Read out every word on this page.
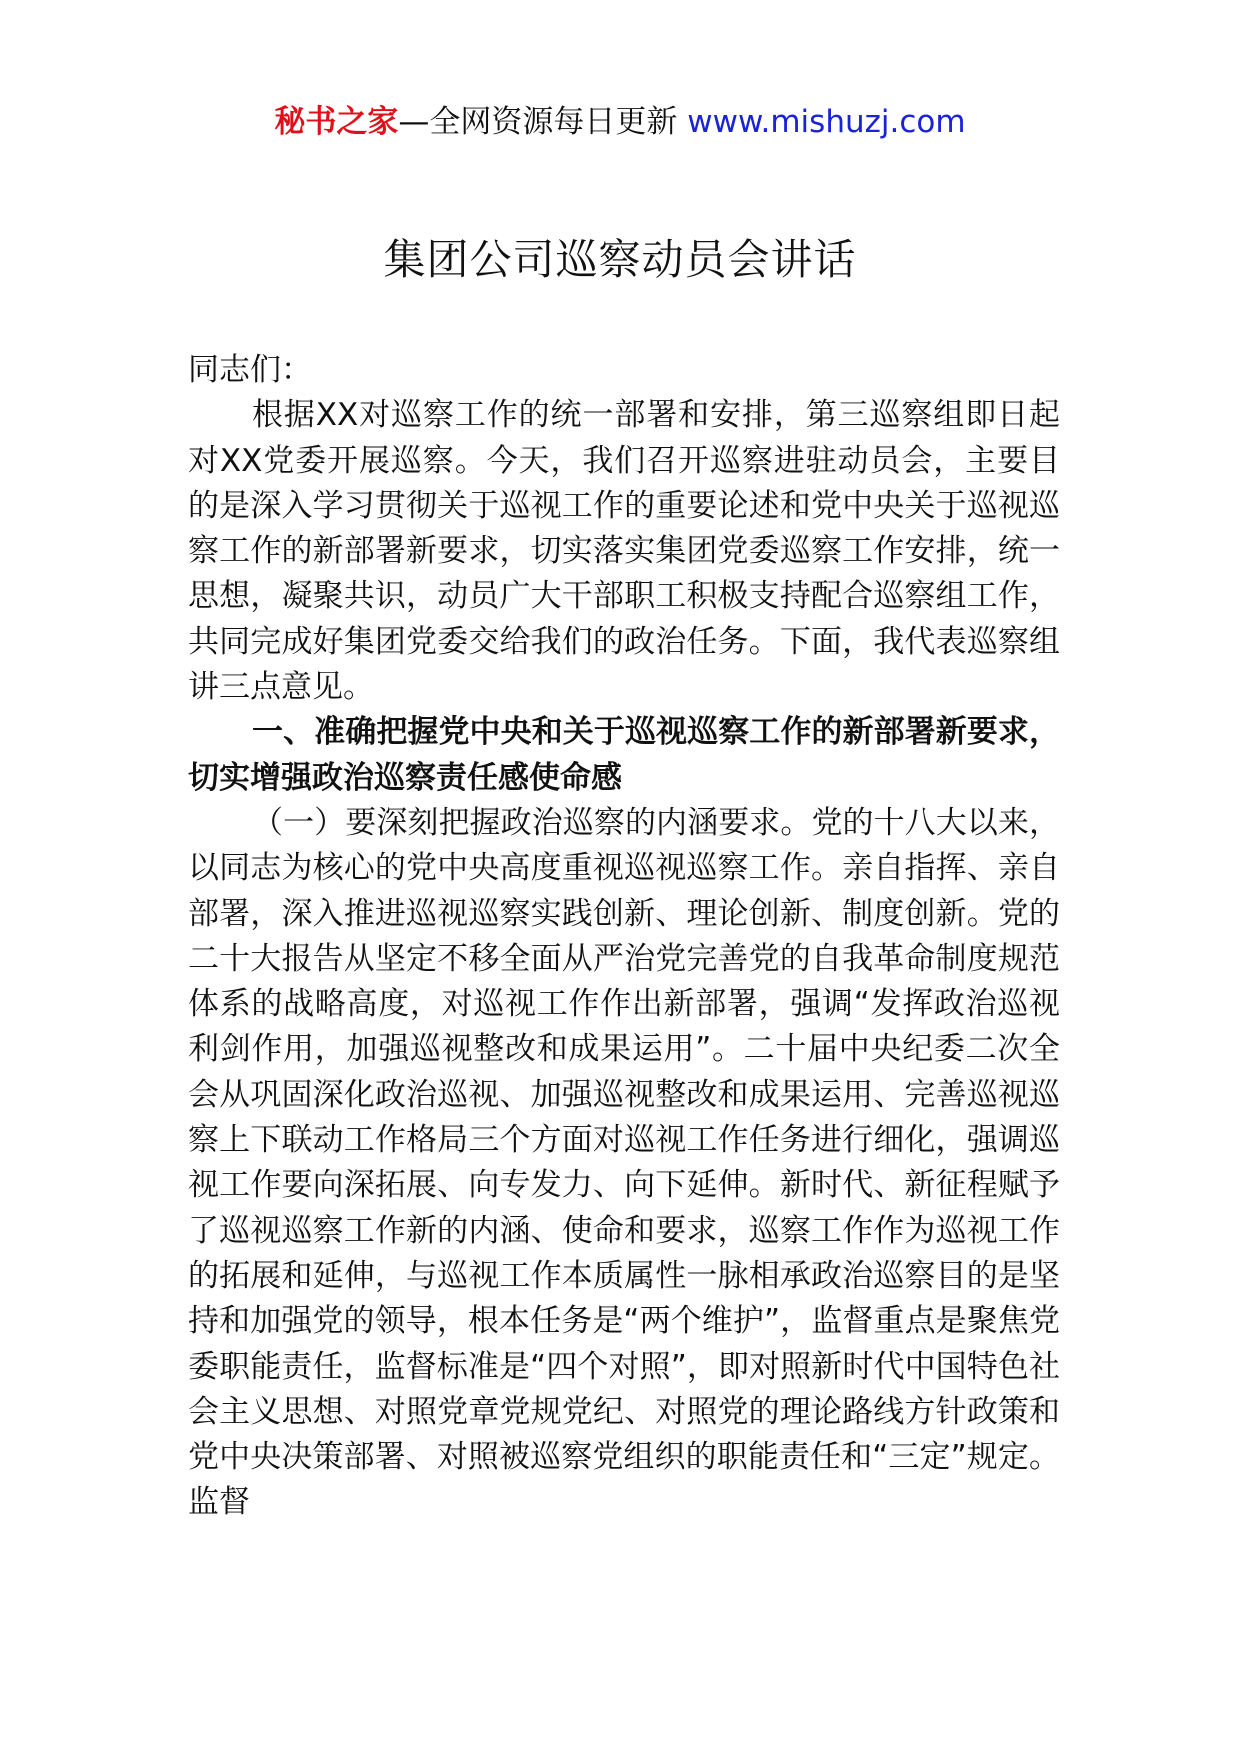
秘书之家—全网资源每日更新 www.mishuzj.com
集团公司巡察动员会讲话

同志们：

根据XX对巡察工作的统一部署和安排，第三巡察组即日起对XX党委开展巡察。今天，我们召开巡察进驻动员会，主要目的是深入学习贯彻关于巡视工作的重要论述和党中央关于巡视巡察工作的新部署新要求，切实落实集团党委巡察工作安排，统一思想，凝聚共识，动员广大干部职工积极支持配合巡察组工作，共同完成好集团党委交给我们的政治任务。下面，我代表巡察组讲三点意见。

一、准确把握党中央和关于巡视巡察工作的新部署新要求，切实增强政治巡察责任感使命感

（一）要深刻把握政治巡察的内涵要求。党的十八大以来，以同志为核心的党中央高度重视巡视巡察工作。亲自指挥、亲自部署，深入推进巡视巡察实践创新、理论创新、制度创新。党的二十大报告从坚定不移全面从严治党完善党的自我革命制度规范体系的战略高度，对巡视工作作出新部署，强调“发挥政治巡视利剑作用，加强巡视整改和成果运用”。二十届中央纪委二次全会从巩固深化政治巡视、加强巡视整改和成果运用、完善巡视巡察上下联动工作格局三个方面对巡视工作任务进行细化，强调巡视工作要向深拓展、向专发力、向下延伸。新时代、新征程赋予了巡视巡察工作新的内涵、使命和要求，巡察工作作为巡视工作的拓展和延伸，与巡视工作本质属性一脉相承政治巡察目的是坚持和加强党的领导，根本任务是“两个维护”，监督重点是聚焦党委职能责任，监督标准是“四个对照”，即对照新时代中国特色社会主义思想、对照党章党规党纪、对照党的理论路线方针政策和党中央决策部署、对照被巡察党组织的职能责任和“三定”规定。监督
